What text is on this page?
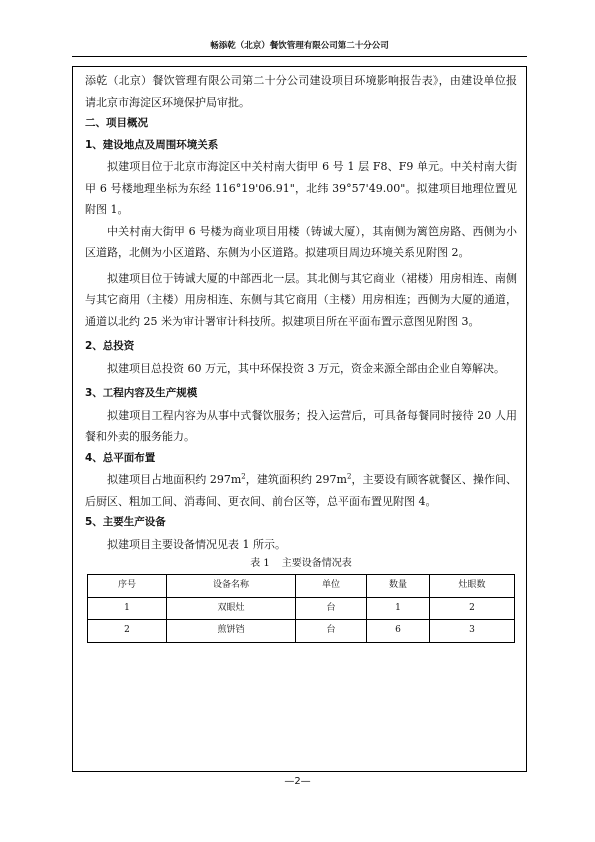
畅添乾（北京）餐饮管理有限公司第二十分公司

添乾（北京）餐饮管理有限公司第二十分公司建设项目环境影响报告表》，由建设单位报请北京市海淀区环境保护局审批。

二、项目概况

1、建设地点及周围环境关系

拟建项目位于北京市海淀区中关村南大街甲 6 号 1 层 F8、F9 单元。中关村南大街甲 6 号楼地理坐标为东经 116°19'06.91"，北纬 39°57'49.00"。拟建项目地理位置见附图 1。

中关村南大街甲 6 号楼为商业项目用楼（铸诚大厦），其南侧为篱笆房路、西侧为小区道路，北侧为小区道路、东侧为小区道路。拟建项目周边环境关系见附图 2。

拟建项目位于铸诚大厦的中部西北一层。其北侧与其它商业（裙楼）用房相连、南侧与其它商用（主楼）用房相连、东侧与其它商用（主楼）用房相连；西侧为大厦的通道，通道以北约 25 米为审计署审计科技所。拟建项目所在平面布置示意图见附图 3。

2、总投资

拟建项目总投资 60 万元，其中环保投资 3 万元，资金来源全部由企业自筹解决。

3、工程内容及生产规模

拟建项目工程内容为从事中式餐饮服务；投入运营后，可具备每餐同时接待 20 人用餐和外卖的服务能力。

4、总平面布置

拟建项目占地面积约 $297m^2$，建筑面积约 $297m^2$，主要设有顾客就餐区、操作间、后厨区、粗加工间、消毒间、更衣间、前台区等，总平面布置见附图 4。

5、主要生产设备

拟建项目主要设备情况见表 1 所示。

表 1 主要设备情况表

序号	设备名称	单位	数量	灶眼数
1	双眼灶	台	1	2
2	煎饼铛	台	6	3
—2—
